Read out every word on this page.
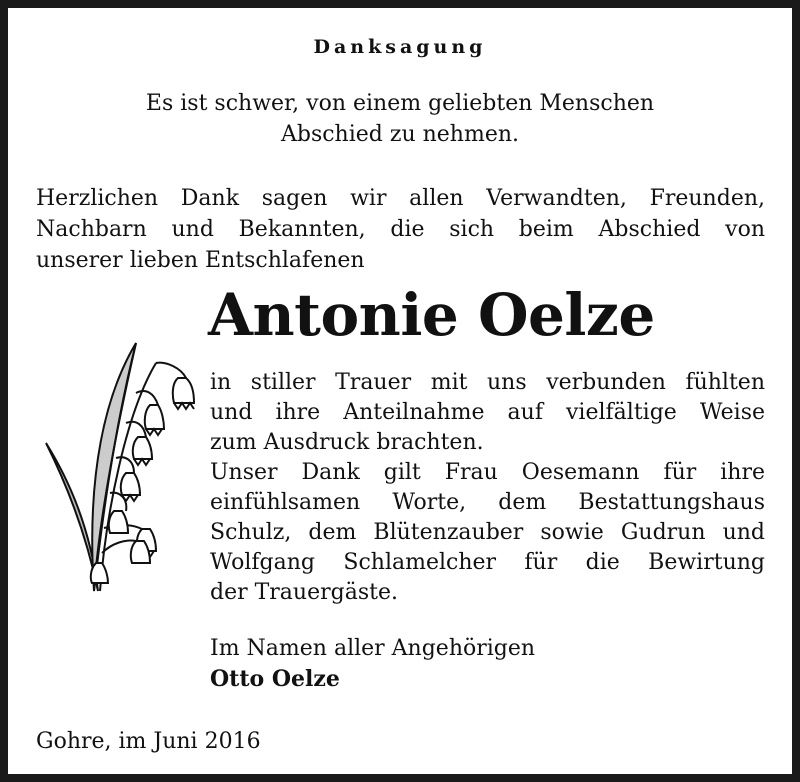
Danksagung
Es ist schwer, von einem geliebten Menschen
Abschied zu nehmen.
Herzlichen Dank sagen wir allen Verwandten, Freunden,
Nachbarn und Bekannten, die sich beim Abschied von
unserer lieben Entschlafenen
Antonie Oelze
in stiller Trauer mit uns verbunden fühlten
und ihre Anteilnahme auf vielfältige Weise
zum Ausdruck brachten.
Unser Dank gilt Frau Oesemann für ihre
einfühlsamen Worte, dem Bestattungshaus
Schulz, dem Blütenzauber sowie Gudrun und
Wolfgang Schlamelcher für die Bewirtung
der Trauergäste.
Im Namen aller Angehörigen
Otto Oelze
Gohre, im Juni 2016
